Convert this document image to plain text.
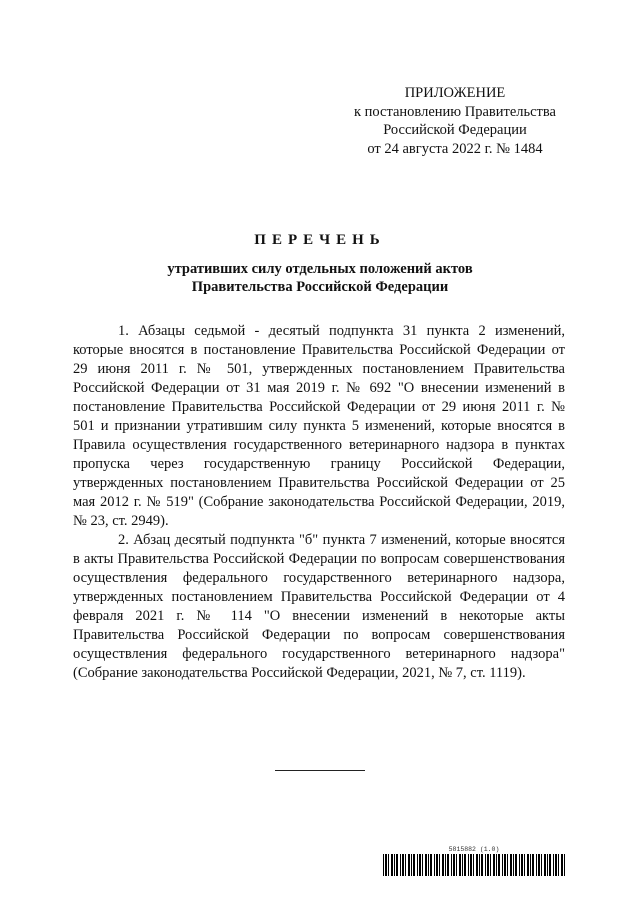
ПРИЛОЖЕНИЕ
к постановлению Правительства
Российской Федерации
от 24 августа 2022 г. № 1484
ПЕРЕЧЕНЬ
утративших силу отдельных положений актов
Правительства Российской Федерации

1. Абзацы седьмой - десятый подпункта 31 пункта 2 изменений, которые вносятся в постановление Правительства Российской Федерации от 29 июня 2011 г. № 501, утвержденных постановлением Правительства Российской Федерации от 31 мая 2019 г. № 692 "О внесении изменений в постановление Правительства Российской Федерации от 29 июня 2011 г. № 501 и признании утратившим силу пункта 5 изменений, которые вносятся в Правила осуществления государственного ветеринарного надзора в пунктах пропуска через государственную границу Российской Федерации, утвержденных постановлением Правительства Российской Федерации от 25 мая 2012 г. № 519" (Собрание законодательства Российской Федерации, 2019, № 23, ст. 2949).

2. Абзац десятый подпункта "б" пункта 7 изменений, которые вносятся в акты Правительства Российской Федерации по вопросам совершенствования осуществления федерального государственного ветеринарного надзора, утвержденных постановлением Правительства Российской Федерации от 4 февраля 2021 г. № 114 "О внесении изменений в некоторые акты Правительства Российской Федерации по вопросам совершенствования осуществления федерального государственного ветеринарного надзора" (Собрание законодательства Российской Федерации, 2021, № 7, ст. 1119).

5815882 (1.0)
